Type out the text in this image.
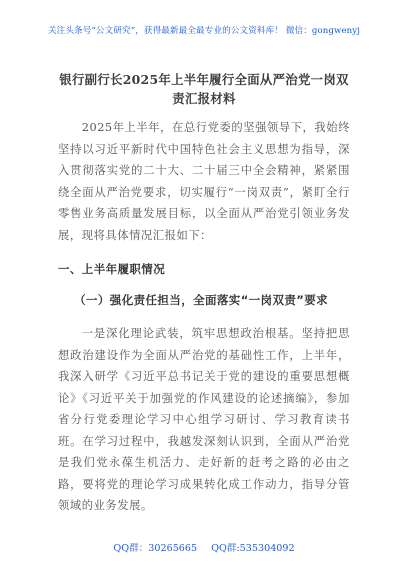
关注头条号“公文研究”，获得最新最全最专业的公文资料库！ 微信：gongwenyj
银行副行长2025年上半年履行全面从严治党一岗双责汇报材料

2025年上半年，在总行党委的坚强领导下，我始终坚持以习近平新时代中国特色社会主义思想为指导，深入贯彻落实党的二十大、二十届三中全会精神，紧紧围绕全面从严治党要求，切实履行“一岗双责”，紧盯全行零售业务高质量发展目标，以全面从严治党引领业务发展，现将具体情况汇报如下：

一、上半年履职情况

（一）强化责任担当，全面落实“一岗双责”要求

一是深化理论武装，筑牢思想政治根基。坚持把思想政治建设作为全面从严治党的基础性工作，上半年，我深入研学《习近平总书记关于党的建设的重要思想概论》《习近平关于加强党的作风建设的论述摘编》，参加省分行党委理论学习中心组学习研讨、学习教育读书班。在学习过程中，我越发深刻认识到，全面从严治党是我们党永葆生机活力、走好新的赶考之路的必由之路，要将党的理论学习成果转化成工作动力，指导分管领域的业务发展。

QQ群：30265665 QQ群:535304092
